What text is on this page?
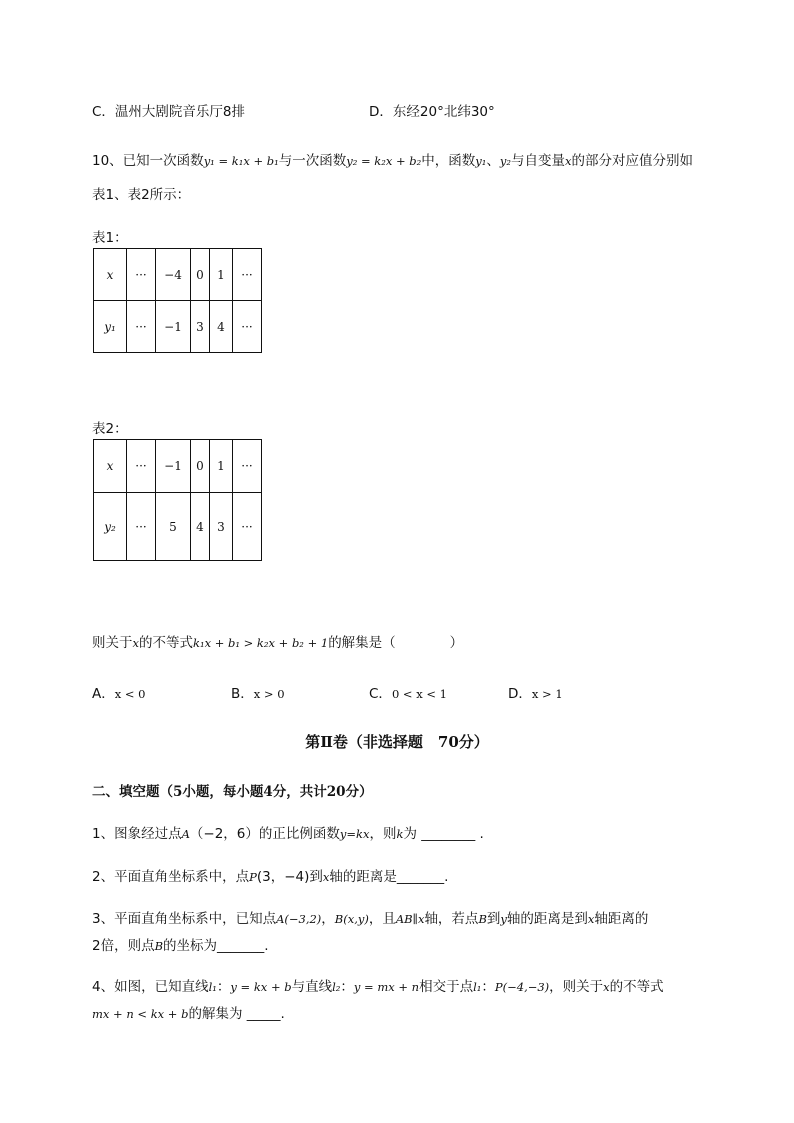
C．温州大剧院音乐厅8排	D．东经20°北纬30°
10、已知一次函数y₁ = k₁x + b₁与一次函数y₂ = k₂x + b₂中，函数y₁、y₂与自变量x的部分对应值分别如
表1、表2所示：
表1：
x	···	−4	0	1	···
y₁	···	−1	3	4	···
表2：
x	···	−1	0	1	···
y₂	···	5	4	3	···
则关于x的不等式k₁x + b₁ > k₂x + b₂ + 1的解集是（　　　　）
A．x < 0	B．x > 0	C．0 < x < 1	D．x > 1
第Ⅱ卷（非选择题　70分）
二、填空题（5小题，每小题4分，共计20分）
1、图象经过点A（−2，6）的正比例函数y=kx，则k为 ________ .
2、平面直角坐标系中，点P(3，−4)到x轴的距离是_______.
3、平面直角坐标系中，已知点A(−3,2)，B(x,y)，且AB∥x轴，若点B到y轴的距离是到x轴距离的
2倍，则点B的坐标为_______.
4、如图，已知直线l₁：y = kx + b与直线l₂：y = mx + n相交于点l₁：P(−4,−3)，则关于x的不等式
mx + n < kx + b的解集为 _____.
